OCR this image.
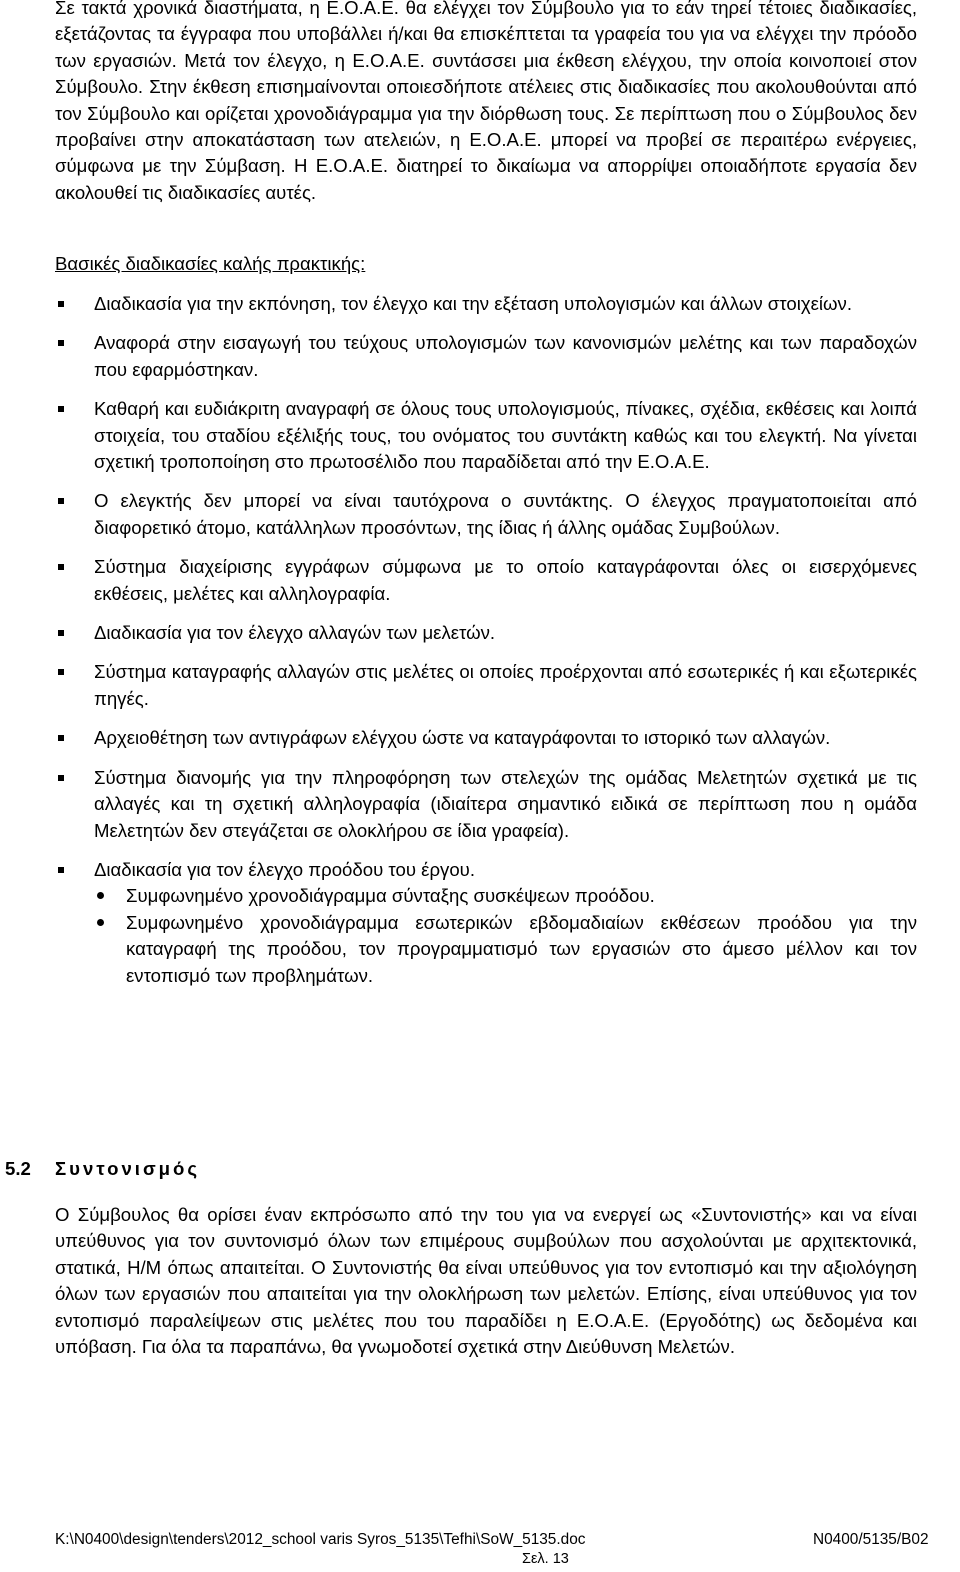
Σε τακτά χρονικά διαστήματα, η Ε.Ο.Α.Ε. θα ελέγχει τον Σύμβουλο για το εάν τηρεί τέτοιες διαδικασίες, εξετάζοντας τα έγγραφα που υποβάλλει ή/και θα επισκέπτεται τα γραφεία του για να ελέγχει την πρόοδο των εργασιών. Μετά τον έλεγχο, η Ε.Ο.Α.Ε. συντάσσει μια έκθεση ελέγχου, την οποία κοινοποιεί στον Σύμβουλο. Στην έκθεση επισημαίνονται οποιεσδήποτε ατέλειες στις διαδικασίες που ακολουθούνται από τον Σύμβουλο και ορίζεται χρονοδιάγραμμα για την διόρθωση τους. Σε περίπτωση που ο Σύμβουλος δεν προβαίνει στην αποκατάσταση των ατελειών, η Ε.Ο.Α.Ε. μπορεί να προβεί σε περαιτέρω ενέργειες, σύμφωνα με την Σύμβαση. Η Ε.Ο.Α.Ε. διατηρεί το δικαίωμα να απορρίψει οποιαδήποτε εργασία δεν ακολουθεί τις διαδικασίες αυτές.

Βασικές διαδικασίες καλής πρακτικής:

Διαδικασία για την εκπόνηση, τον έλεγχο και την εξέταση υπολογισμών και άλλων στοιχείων.

Αναφορά στην εισαγωγή του τεύχους υπολογισμών των κανονισμών μελέτης και των παραδοχών που εφαρμόστηκαν.

Καθαρή και ευδιάκριτη αναγραφή σε όλους τους υπολογισμούς, πίνακες, σχέδια, εκθέσεις και λοιπά στοιχεία, του σταδίου εξέλιξής τους, του ονόματος του συντάκτη καθώς και του ελεγκτή. Να γίνεται σχετική τροποποίηση στο πρωτοσέλιδο που παραδίδεται από την Ε.Ο.Α.Ε.

Ο ελεγκτής δεν μπορεί να είναι ταυτόχρονα ο συντάκτης. Ο έλεγχος πραγματοποιείται από διαφορετικό άτομο, κατάλληλων προσόντων, της ίδιας ή άλλης ομάδας Συμβούλων.

Σύστημα διαχείρισης εγγράφων σύμφωνα με το οποίο καταγράφονται όλες οι εισερχόμενες εκθέσεις, μελέτες και αλληλογραφία.

Διαδικασία για τον έλεγχο αλλαγών των μελετών.

Σύστημα καταγραφής αλλαγών στις μελέτες οι οποίες προέρχονται από εσωτερικές ή και εξωτερικές πηγές.

Αρχειοθέτηση των αντιγράφων ελέγχου ώστε να καταγράφονται το ιστορικό των αλλαγών.

Σύστημα διανομής για την πληροφόρηση των στελεχών της ομάδας Μελετητών σχετικά με τις αλλαγές και τη σχετική αλληλογραφία (ιδιαίτερα σημαντικό ειδικά σε περίπτωση που η ομάδα Μελετητών δεν στεγάζεται σε ολοκλήρου σε ίδια γραφεία).

Διαδικασία για τον έλεγχο προόδου του έργου.

Συμφωνημένο χρονοδιάγραμμα σύνταξης συσκέψεων προόδου.

Συμφωνημένο χρονοδιάγραμμα εσωτερικών εβδομαδιαίων εκθέσεων προόδου για την καταγραφή της προόδου, τον προγραμματισμό των εργασιών στο άμεσο μέλλον και τον εντοπισμό των προβλημάτων.

5.2 Συντονισμός

Ο Σύμβουλος θα ορίσει έναν εκπρόσωπο από την του για να ενεργεί ως «Συντονιστής» και να είναι υπεύθυνος για τον συντονισμό όλων των επιμέρους συμβούλων που ασχολούνται με αρχιτεκτονικά, στατικά, Η/Μ όπως απαιτείται. Ο Συντονιστής θα είναι υπεύθυνος για τον εντοπισμό και την αξιολόγηση όλων των εργασιών που απαιτείται για την ολοκλήρωση των μελετών. Επίσης, είναι υπεύθυνος για τον εντοπισμό παραλείψεων στις μελέτες που του παραδίδει η Ε.Ο.Α.Ε. (Εργοδότης) ως δεδομένα και υπόβαση. Για όλα τα παραπάνω, θα γνωμοδοτεί σχετικά στην Διεύθυνση Μελετών.

K:\N0400\design\tenders\2012_school varis Syros_5135\Tefhi\SoW_5135.doc	N0400/5135/B02
Σελ. 13
